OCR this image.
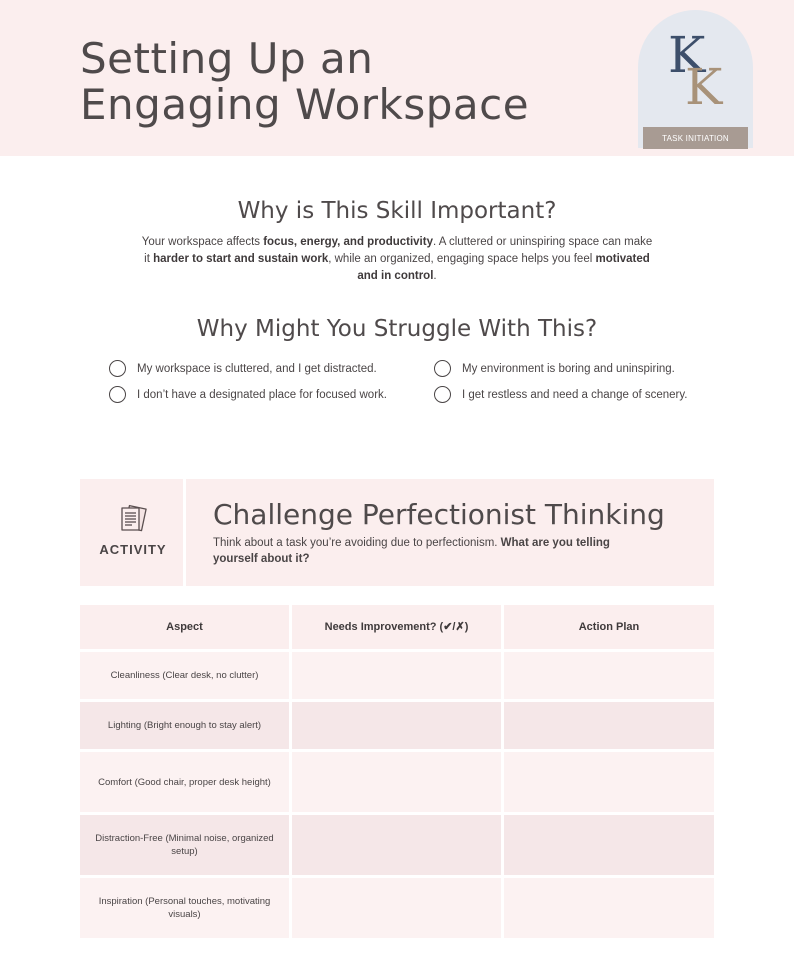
Setting Up an
Engaging Workspace
K
K
TASK INITIATION
Why is This Skill Important?

Your workspace affects focus, energy, and productivity. A cluttered or uninspiring space can make it harder to start and sustain work, while an organized, engaging space helps you feel motivated and in control.

Why Might You Struggle With This?
My workspace is cluttered, and I get distracted.	My environment is boring and uninspiring.
I don’t have a designated place for focused work.	I get restless and need a change of scenery.
ACTIVITY
Challenge Perfectionist Thinking

Think about a task you’re avoiding due to perfectionism. What are you telling yourself about it?

Aspect	Needs Improvement? (✔/✗)	Action Plan
Cleanliness (Clear desk, no clutter)
Lighting (Bright enough to stay alert)
Comfort (Good chair, proper desk height)
Distraction-Free (Minimal noise, organized setup)
Inspiration (Personal touches, motivating visuals)
